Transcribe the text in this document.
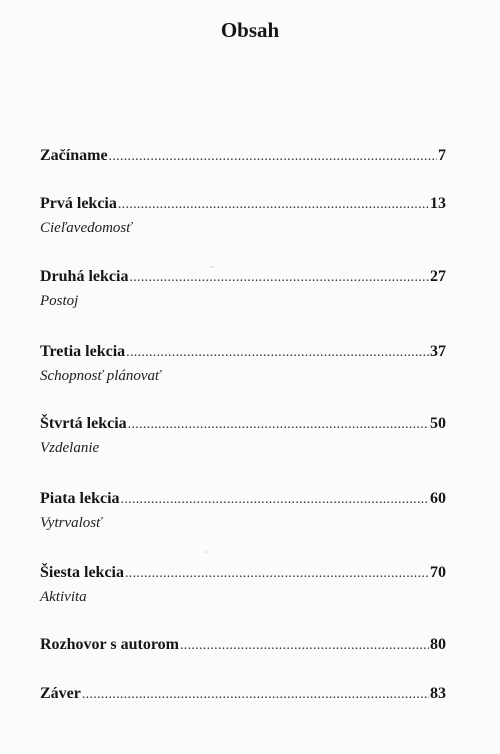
Obsah
Začíname .....	7
Prvá lekcia .....	13
Cieľavedomosť
Druhá lekcia .....	27
Postoj
Tretia lekcia .....	37
Schopnosť plánovať
Štvrtá lekcia .....	50
Vzdelanie
Piata lekcia .....	60
Vytrvalosť
Šiesta lekcia .....	70
Aktivita
Rozhovor s autorom .....	80
Záver .....	83
